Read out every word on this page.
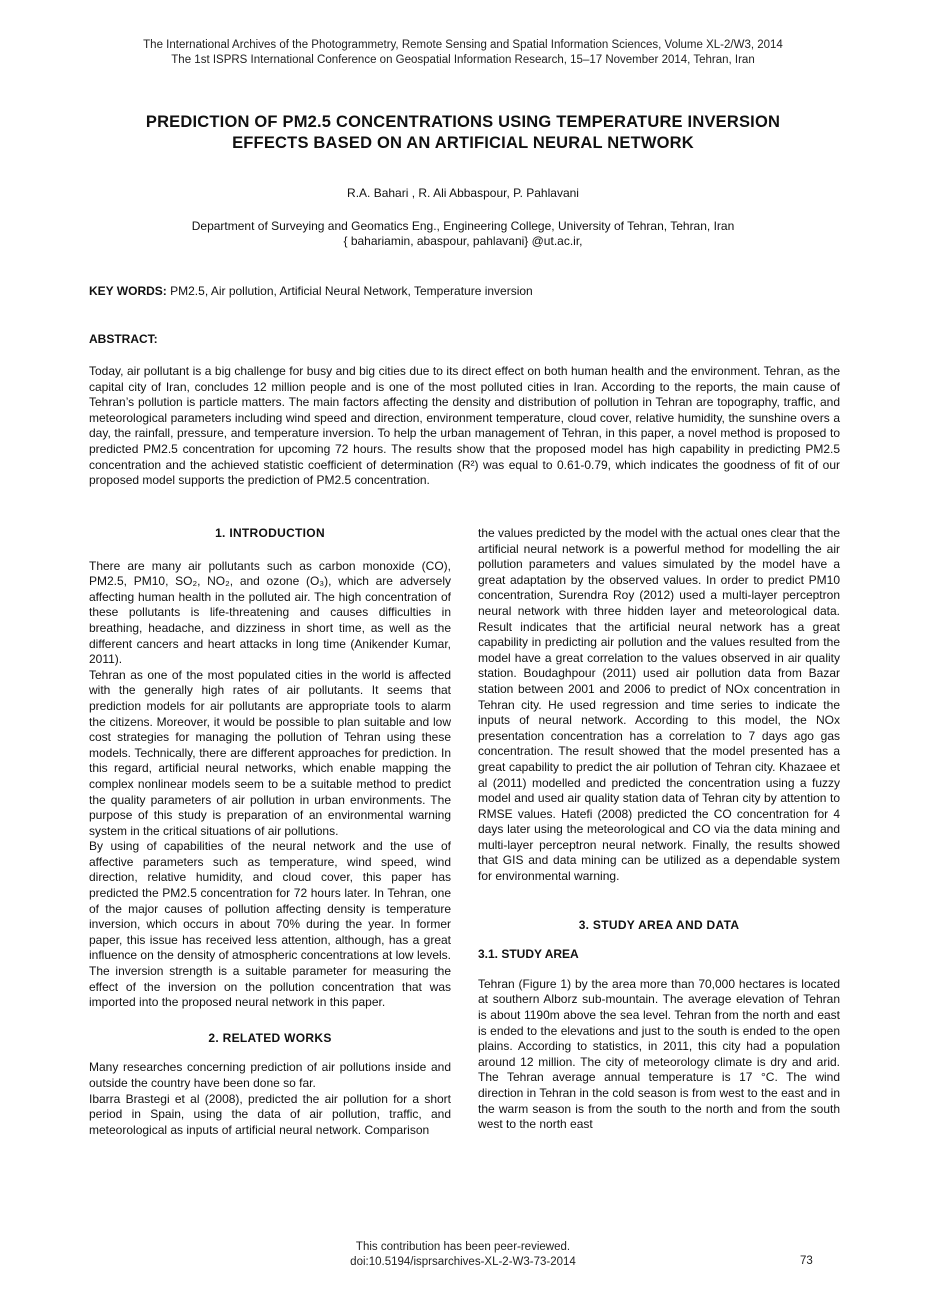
The International Archives of the Photogrammetry, Remote Sensing and Spatial Information Sciences, Volume XL-2/W3, 2014
The 1st ISPRS International Conference on Geospatial Information Research, 15–17 November 2014, Tehran, Iran
PREDICTION OF PM2.5 CONCENTRATIONS USING TEMPERATURE INVERSION
EFFECTS BASED ON AN ARTIFICIAL NEURAL NETWORK
R.A. Bahari , R. Ali Abbaspour, P. Pahlavani
Department of Surveying and Geomatics Eng., Engineering College, University of Tehran, Tehran, Iran
{ bahariamin, abaspour, pahlavani} @ut.ac.ir,
KEY WORDS: PM2.5, Air pollution, Artificial Neural Network, Temperature inversion
ABSTRACT:
Today, air pollutant is a big challenge for busy and big cities due to its direct effect on both human health and the environment. Tehran, as the capital city of Iran, concludes 12 million people and is one of the most polluted cities in Iran. According to the reports, the main cause of Tehran’s pollution is particle matters. The main factors affecting the density and distribution of pollution in Tehran are topography, traffic, and meteorological parameters including wind speed and direction, environment temperature, cloud cover, relative humidity, the sunshine overs a day, the rainfall, pressure, and temperature inversion. To help the urban management of Tehran, in this paper, a novel method is proposed to predicted PM2.5 concentration for upcoming 72 hours. The results show that the proposed model has high capability in predicting PM2.5 concentration and the achieved statistic coefficient of determination (R²) was equal to 0.61-0.79, which indicates the goodness of fit of our proposed model supports the prediction of PM2.5 concentration.
1. INTRODUCTION

There are many air pollutants such as carbon monoxide (CO), PM2.5, PM10, SO₂, NO₂, and ozone (O₃), which are adversely affecting human health in the polluted air. The high concentration of these pollutants is life-threatening and causes difficulties in breathing, headache, and dizziness in short time, as well as the different cancers and heart attacks in long time (Anikender Kumar, 2011).

Tehran as one of the most populated cities in the world is affected with the generally high rates of air pollutants. It seems that prediction models for air pollutants are appropriate tools to alarm the citizens. Moreover, it would be possible to plan suitable and low cost strategies for managing the pollution of Tehran using these models. Technically, there are different approaches for prediction. In this regard, artificial neural networks, which enable mapping the complex nonlinear models seem to be a suitable method to predict the quality parameters of air pollution in urban environments. The purpose of this study is preparation of an environmental warning system in the critical situations of air pollutions.

By using of capabilities of the neural network and the use of affective parameters such as temperature, wind speed, wind direction, relative humidity, and cloud cover, this paper has predicted the PM2.5 concentration for 72 hours later. In Tehran, one of the major causes of pollution affecting density is temperature inversion, which occurs in about 70% during the year. In former paper, this issue has received less attention, although, has a great influence on the density of atmospheric concentrations at low levels. The inversion strength is a suitable parameter for measuring the effect of the inversion on the pollution concentration that was imported into the proposed neural network in this paper.

2. RELATED WORKS

Many researches concerning prediction of air pollutions inside and outside the country have been done so far.

Ibarra Brastegi et al (2008), predicted the air pollution for a short period in Spain, using the data of air pollution, traffic, and meteorological as inputs of artificial neural network. Comparison

the values predicted by the model with the actual ones clear that the artificial neural network is a powerful method for modelling the air pollution parameters and values simulated by the model have a great adaptation by the observed values. In order to predict PM10 concentration, Surendra Roy (2012) used a multi-layer perceptron neural network with three hidden layer and meteorological data. Result indicates that the artificial neural network has a great capability in predicting air pollution and the values resulted from the model have a great correlation to the values observed in air quality station. Boudaghpour (2011) used air pollution data from Bazar station between 2001 and 2006 to predict of NOx concentration in Tehran city. He used regression and time series to indicate the inputs of neural network. According to this model, the NOx presentation concentration has a correlation to 7 days ago gas concentration. The result showed that the model presented has a great capability to predict the air pollution of Tehran city. Khazaee et al (2011) modelled and predicted the concentration using a fuzzy model and used air quality station data of Tehran city by attention to RMSE values. Hatefi (2008) predicted the CO concentration for 4 days later using the meteorological and CO via the data mining and multi-layer perceptron neural network. Finally, the results showed that GIS and data mining can be utilized as a dependable system for environmental warning.

3. STUDY AREA AND DATA
3.1. STUDY AREA

Tehran (Figure 1) by the area more than 70,000 hectares is located at southern Alborz sub-mountain. The average elevation of Tehran is about 1190m above the sea level. Tehran from the north and east is ended to the elevations and just to the south is ended to the open plains. According to statistics, in 2011, this city had a population around 12 million. The city of meteorology climate is dry and arid. The Tehran average annual temperature is 17 °C. The wind direction in Tehran in the cold season is from west to the east and in the warm season is from the south to the north and from the south west to the north east

This contribution has been peer-reviewed.
doi:10.5194/isprsarchives-XL-2-W3-73-2014	73
